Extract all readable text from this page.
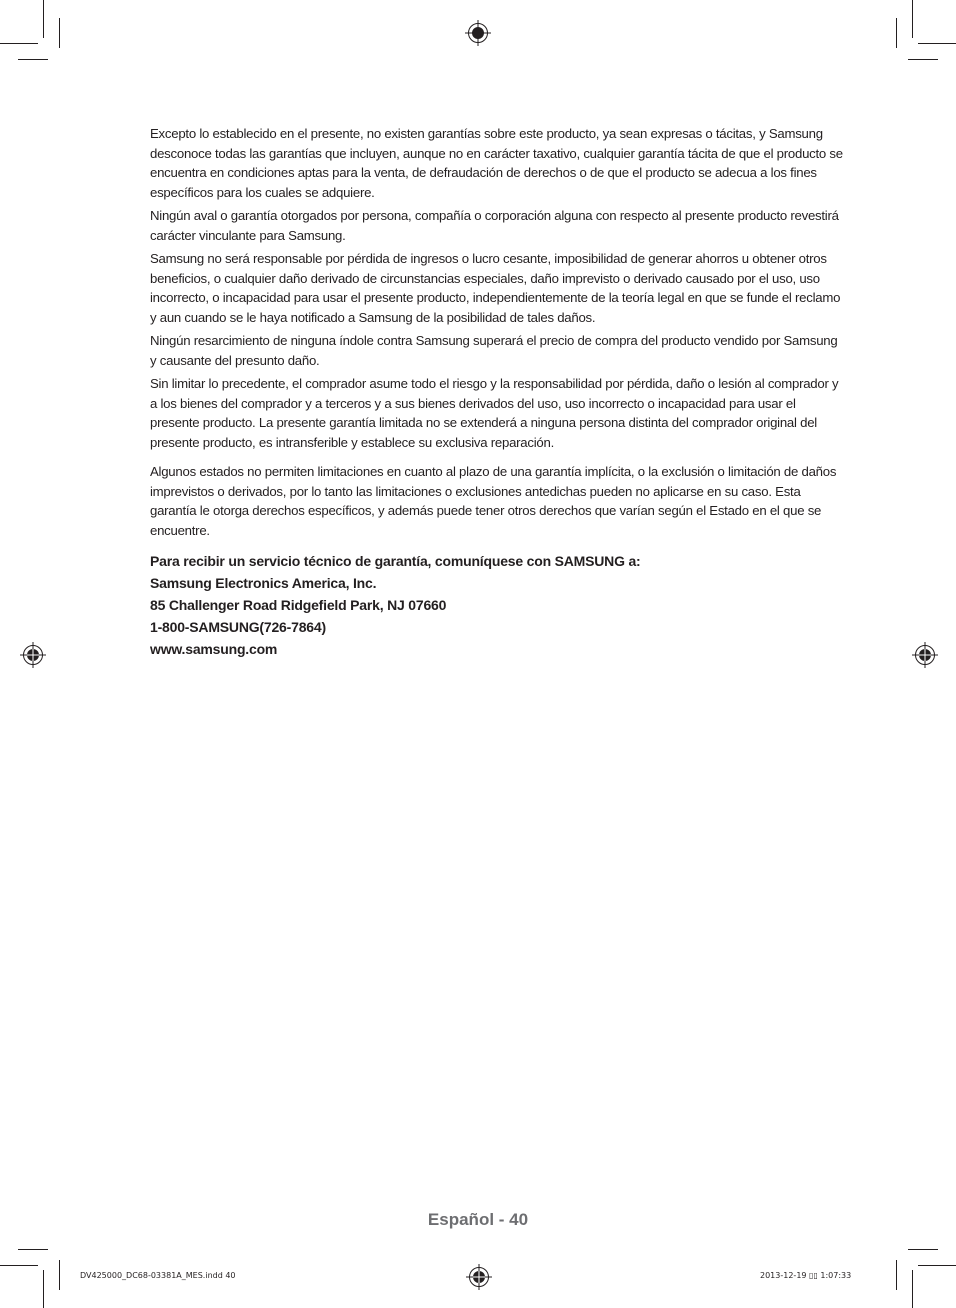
Excepto lo establecido en el presente, no existen garantías sobre este producto, ya sean expresas o tácitas, y Samsung desconoce todas las garantías que incluyen, aunque no en carácter taxativo, cualquier garantía tácita de que el producto se encuentra en condiciones aptas para la venta, de defraudación de derechos o de que el producto se adecua a los fines específicos para los cuales se adquiere.

Ningún aval o garantía otorgados por persona, compañía o corporación alguna con respecto al presente producto revestirá carácter vinculante para Samsung.

Samsung no será responsable por pérdida de ingresos o lucro cesante, imposibilidad de generar ahorros u obtener otros beneficios, o cualquier daño derivado de circunstancias especiales, daño imprevisto o derivado causado por el uso, uso incorrecto, o incapacidad para usar el presente producto, independientemente de la teoría legal en que se funde el reclamo y aun cuando se le haya notificado a Samsung de la posibilidad de tales daños.

Ningún resarcimiento de ninguna índole contra Samsung superará el precio de compra del producto vendido por Samsung y causante del presunto daño.

Sin limitar lo precedente, el comprador asume todo el riesgo y la responsabilidad por pérdida, daño o lesión al comprador y a los bienes del comprador y a terceros y a sus bienes derivados del uso, uso incorrecto o incapacidad para usar el presente producto. La presente garantía limitada no se extenderá a ninguna persona distinta del comprador original del presente producto, es intransferible y establece su exclusiva reparación.

Algunos estados no permiten limitaciones en cuanto al plazo de una garantía implícita, o la exclusión o limitación de daños imprevistos o derivados, por lo tanto las limitaciones o exclusiones antedichas pueden no aplicarse en su caso. Esta garantía le otorga derechos específicos, y además puede tener otros derechos que varían según el Estado en el que se encuentre.

Para recibir un servicio técnico de garantía, comuníquese con SAMSUNG a:
Samsung Electronics America, Inc.
85 Challenger Road Ridgefield Park, NJ 07660
1-800-SAMSUNG(726-7864)
www.samsung.com
Español - 40
DV425000_DC68-03381A_MES.indd 40	2013-12-19 ▯▯ 1:07:33
